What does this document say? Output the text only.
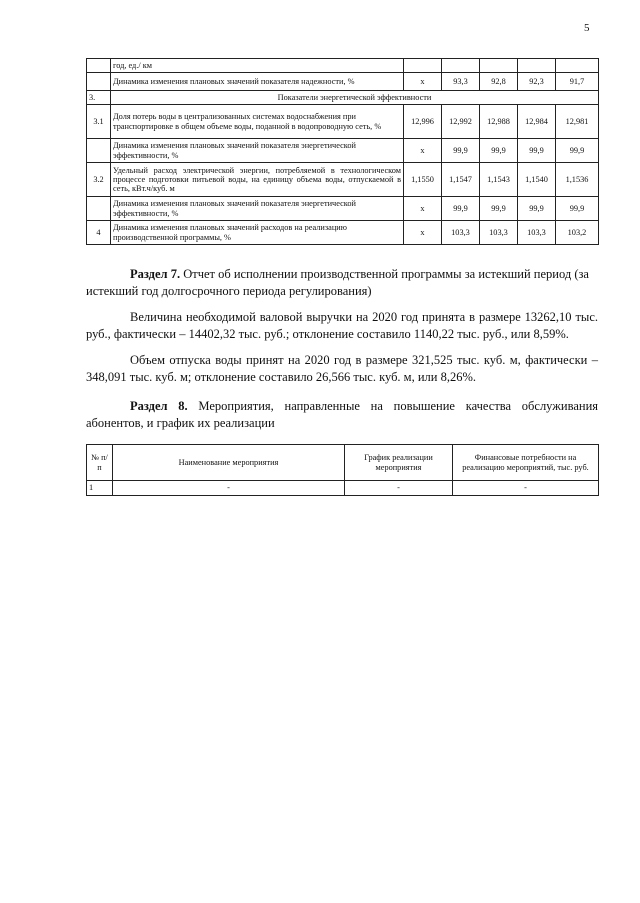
5
	год, ед./ км					
	Динамика изменения плановых значений показателя надежности, %	x	93,3	92,8	92,3	91,7
3.	Показатели энергетической эффективности					
3.1	Доля потерь воды в централизованных системах водоснабжения при транспортировке в общем объеме воды, поданной в водопроводную сеть, %	12,996	12,992	12,988	12,984	12,981
	Динамика изменения плановых значений показателя энергетической эффективности, %	x	99,9	99,9	99,9	99,9
3.2	Удельный расход электрической энергии, потребляемой в технологическом процессе подготовки питьевой воды, на единицу объема воды, отпускаемой в сеть, кВт.ч/куб. м	1,1550	1,1547	1,1543	1,1540	1,1536
	Динамика изменения плановых значений показателя энергетической эффективности, %	x	99,9	99,9	99,9	99,9
4	Динамика изменения плановых значений расходов на реализацию производственной программы, %	x	103,3	103,3	103,3	103,2
Раздел 7. Отчет об исполнении производственной программы за истекший период (за истекший год долгосрочного периода регулирования)
Величина необходимой валовой выручки на 2020 год принята в размере 13262,10 тыс. руб., фактически – 14402,32 тыс. руб.; отклонение составило 1140,22 тыс. руб., или 8,59%.
Объем отпуска воды принят на 2020 год в размере 321,525 тыс. куб. м, фактически – 348,091 тыс. куб. м; отклонение составило 26,566 тыс. куб. м, или 8,26%.
Раздел 8. Мероприятия, направленные на повышение качества обслуживания абонентов, и график их реализации
№ п/п	Наименование мероприятия	График реализации мероприятия	Финансовые потребности на реализацию мероприятий, тыс. руб.
1	-	-	-
